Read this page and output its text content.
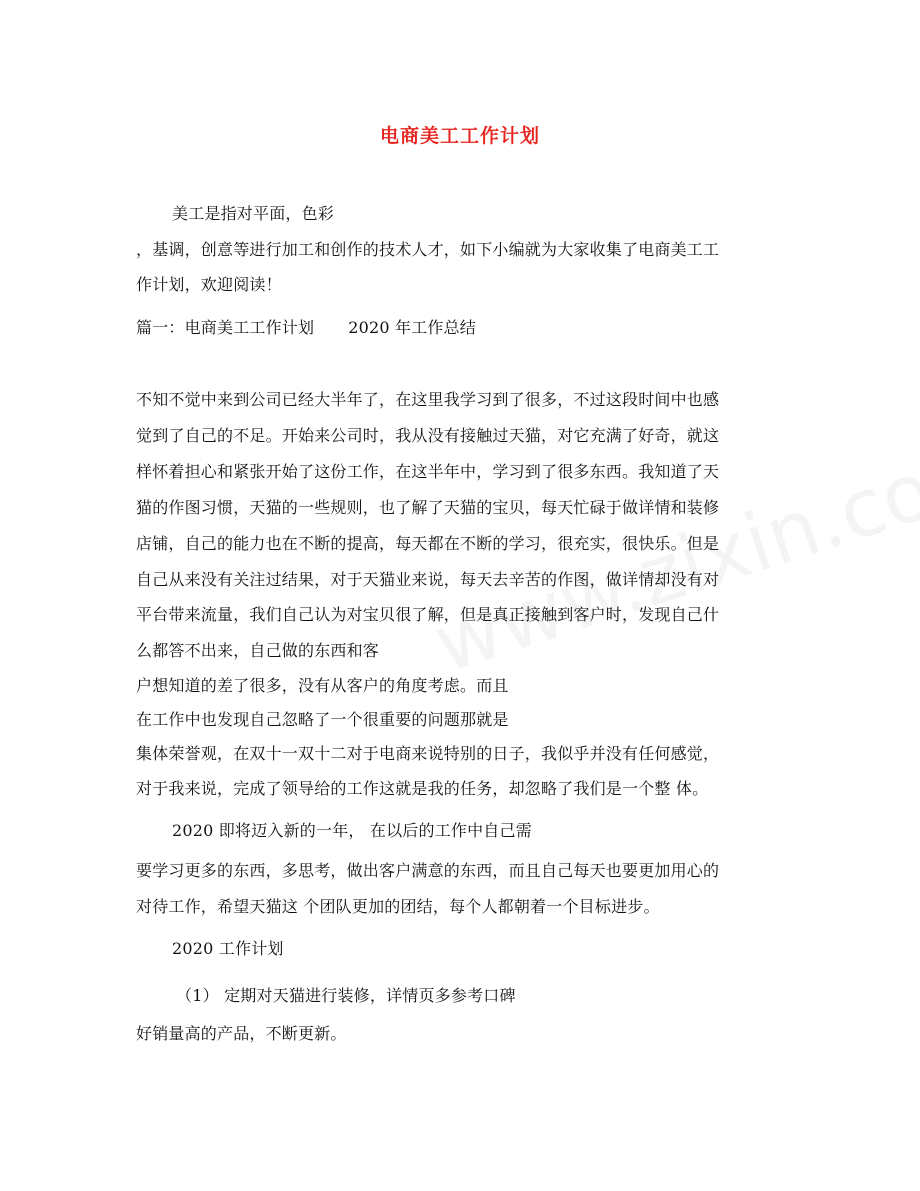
电商美工工作计划
美工是指对平面，色彩
，基调，创意等进行加工和创作的技术人才，如下小编就为大家收集了电商美工工
作计划，欢迎阅读！
篇一：电商美工工作计划 2020 年工作总结
不知不觉中来到公司已经大半年了，在这里我学习到了很多，不过这段时间中也感
觉到了自己的不足。开始来公司时，我从没有接触过天猫，对它充满了好奇，就这
样怀着担心和紧张开始了这份工作，在这半年中，学习到了很多东西。我知道了天
猫的作图习惯，天猫的一些规则，也了解了天猫的宝贝，每天忙碌于做详情和装修
店铺，自己的能力也在不断的提高，每天都在不断的学习，很充实，很快乐。但是
自己从来没有关注过结果，对于天猫业来说，每天去辛苦的作图，做详情却没有对
平台带来流量，我们自己认为对宝贝很了解，但是真正接触到客户时，发现自己什
么都答不出来，自己做的东西和客
户想知道的差了很多，没有从客户的角度考虑。而且
在工作中也发现自己忽略了一个很重要的问题那就是
集体荣誉观，在双十一双十二对于电商来说特别的日子，我似乎并没有任何感觉，
对于我来说，完成了领导给的工作这就是我的任务，却忽略了我们是一个整 体。
2020 即将迈入新的一年， 在以后的工作中自己需
要学习更多的东西，多思考，做出客户满意的东西，而且自己每天也要更加用心的
对待工作，希望天猫这 个团队更加的团结，每个人都朝着一个目标进步。
2020 工作计划
（1） 定期对天猫进行装修，详情页多参考口碑
好销量高的产品，不断更新。
